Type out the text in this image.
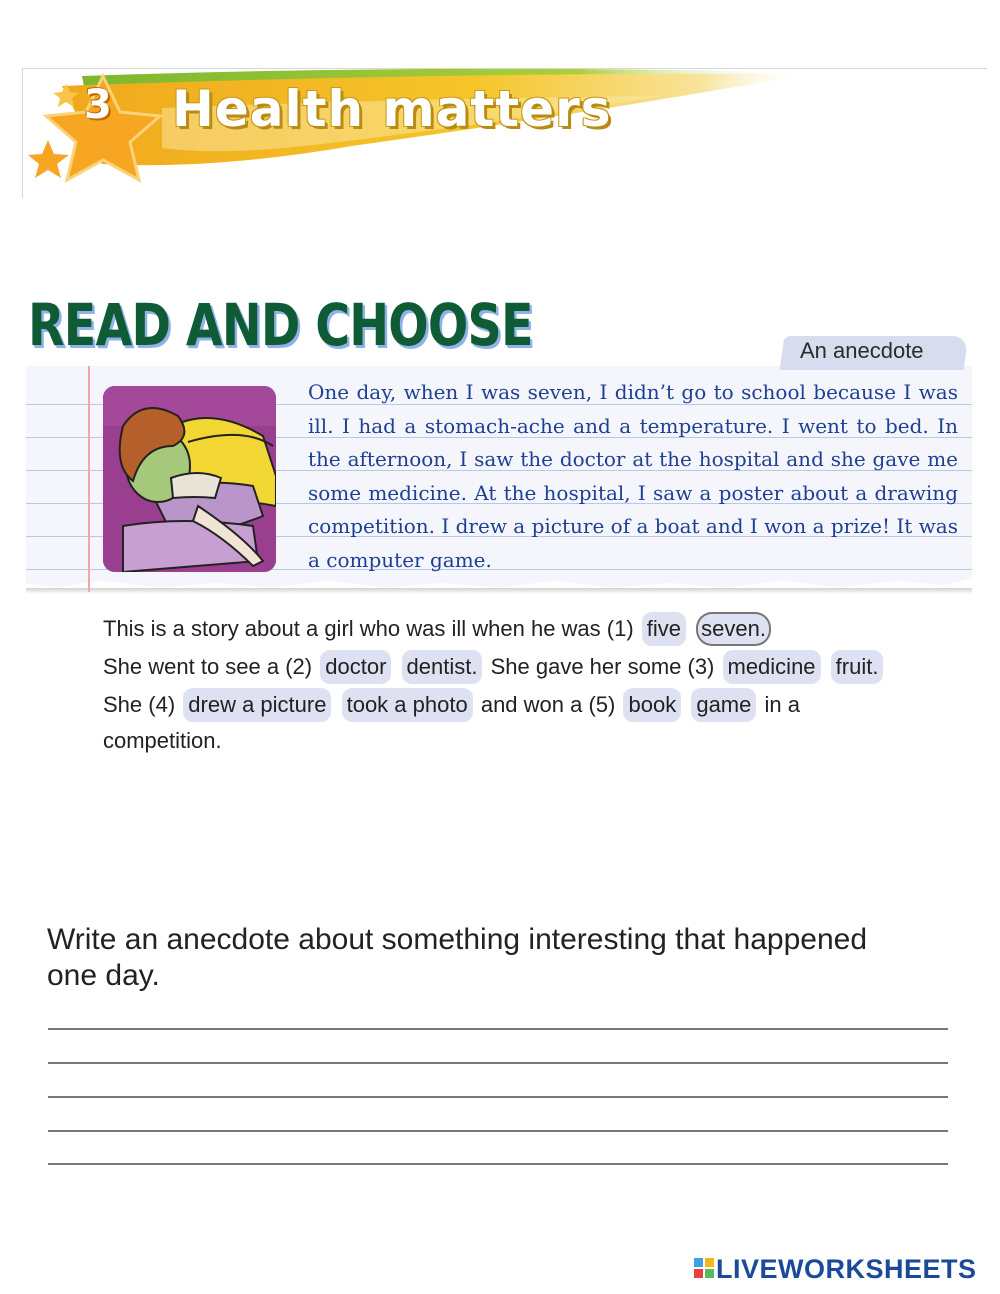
3 Health matters
READ AND CHOOSE	An anecdote

One day, when I was seven, I didn’t go to school because I was ill. I had a stomach-ache and a temperature. I went to bed. In the afternoon, I saw the doctor at the hospital and she gave me some medicine. At the hospital, I saw a poster about a drawing competition. I drew a picture of a boat and I won a prize! It was a computer game.

This is a story about a girl who was ill when he was (1) five seven.
She went to see a (2) doctor dentist. She gave her some (3) medicine fruit.
She (4) drew a picture took a photo and won a (5) book game in a
competition.
Write an anecdote about something interesting that happened one day.
LIVEWORKSHEETS
